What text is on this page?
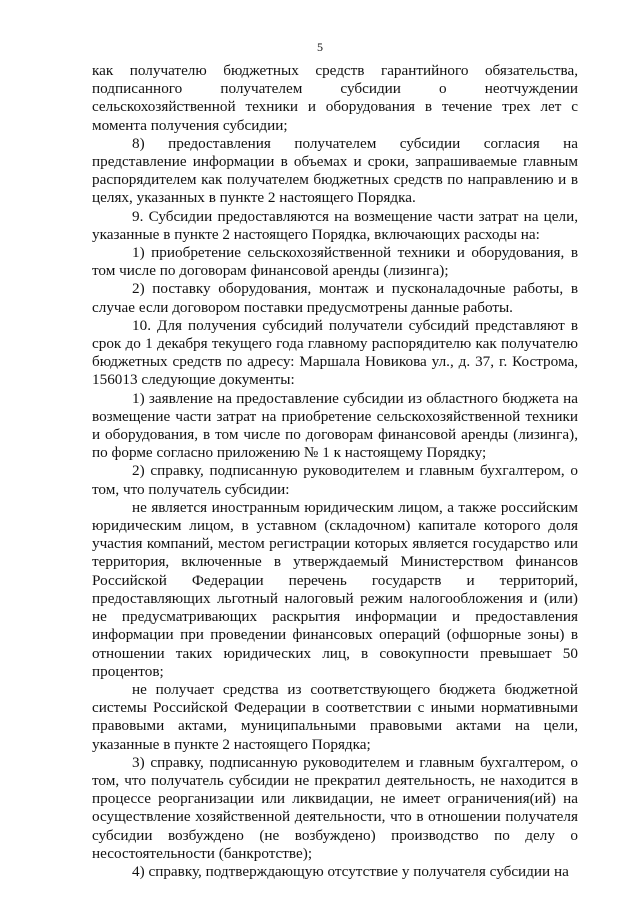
5

как получателю бюджетных средств гарантийного обязательства, подписанного получателем субсидии о неотчуждении сельскохозяйственной техники и оборудования в течение трех лет с момента получения субсидии;

8) предоставления получателем субсидии согласия на представление информации в объемах и сроки, запрашиваемые главным распорядителем как получателем бюджетных средств по направлению и в целях, указанных в пункте 2 настоящего Порядка.

9. Субсидии предоставляются на возмещение части затрат на цели, указанные в пункте 2 настоящего Порядка, включающих расходы на:

1) приобретение сельскохозяйственной техники и оборудования, в том числе по договорам финансовой аренды (лизинга);

2) поставку оборудования, монтаж и пусконаладочные работы, в случае если договором поставки предусмотрены данные работы.

10. Для получения субсидий получатели субсидий представляют в срок до 1 декабря текущего года главному распорядителю как получателю бюджетных средств по адресу: Маршала Новикова ул., д. 37, г. Кострома, 156013 следующие документы:

1) заявление на предоставление субсидии из областного бюджета на возмещение части затрат на приобретение сельскохозяйственной техники и оборудования, в том числе по договорам финансовой аренды (лизинга), по форме согласно приложению № 1 к настоящему Порядку;

2) справку, подписанную руководителем и главным бухгалтером, о том, что получатель субсидии:

не является иностранным юридическим лицом, а также российским юридическим лицом, в уставном (складочном) капитале которого доля участия компаний, местом регистрации которых является государство или территория, включенные в утверждаемый Министерством финансов Российской Федерации перечень государств и территорий, предоставляющих льготный налоговый режим налогообложения и (или) не предусматривающих раскрытия информации и предоставления информации при проведении финансовых операций (офшорные зоны) в отношении таких юридических лиц, в совокупности превышает 50 процентов;

не получает средства из соответствующего бюджета бюджетной системы Российской Федерации в соответствии с иными нормативными правовыми актами, муниципальными правовыми актами на цели, указанные в пункте 2 настоящего Порядка;

3) справку, подписанную руководителем и главным бухгалтером, о том, что получатель субсидии не прекратил деятельность, не находится в процессе реорганизации или ликвидации, не имеет ограничения(ий) на осуществление хозяйственной деятельности, что в отношении получателя субсидии возбуждено (не возбуждено) производство по делу о несостоятельности (банкротстве);

4) справку, подтверждающую отсутствие у получателя субсидии на
